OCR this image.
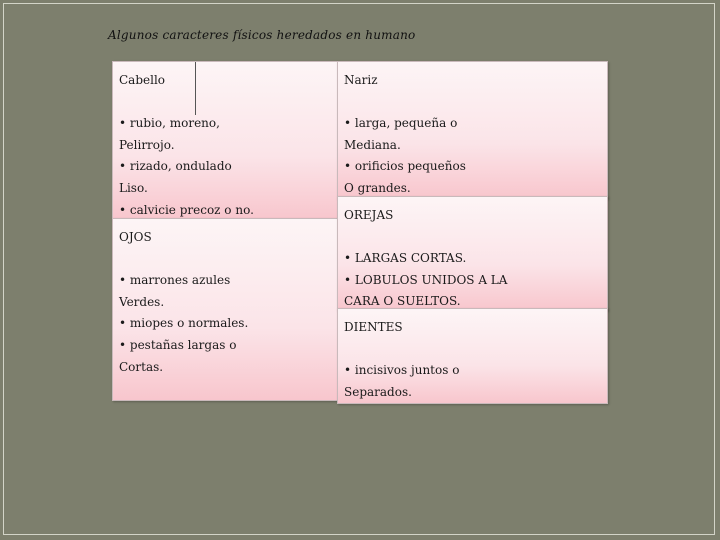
Algunos caracteres físicos heredados en humano
Cabello
• rubio, moreno,
Pelirrojo.
• rizado, ondulado
Liso.
• calvicie precoz o no.
Nariz
• larga, pequeña o
Mediana.
• orificios pequeños
O grandes.
OJOS
• marrones azules
Verdes.
• miopes o normales.
• pestañas largas o
Cortas.
OREJAS
• LARGAS CORTAS.
• LOBULOS UNIDOS A LA
CARA O SUELTOS.
DIENTES
• incisivos juntos o
Separados.
